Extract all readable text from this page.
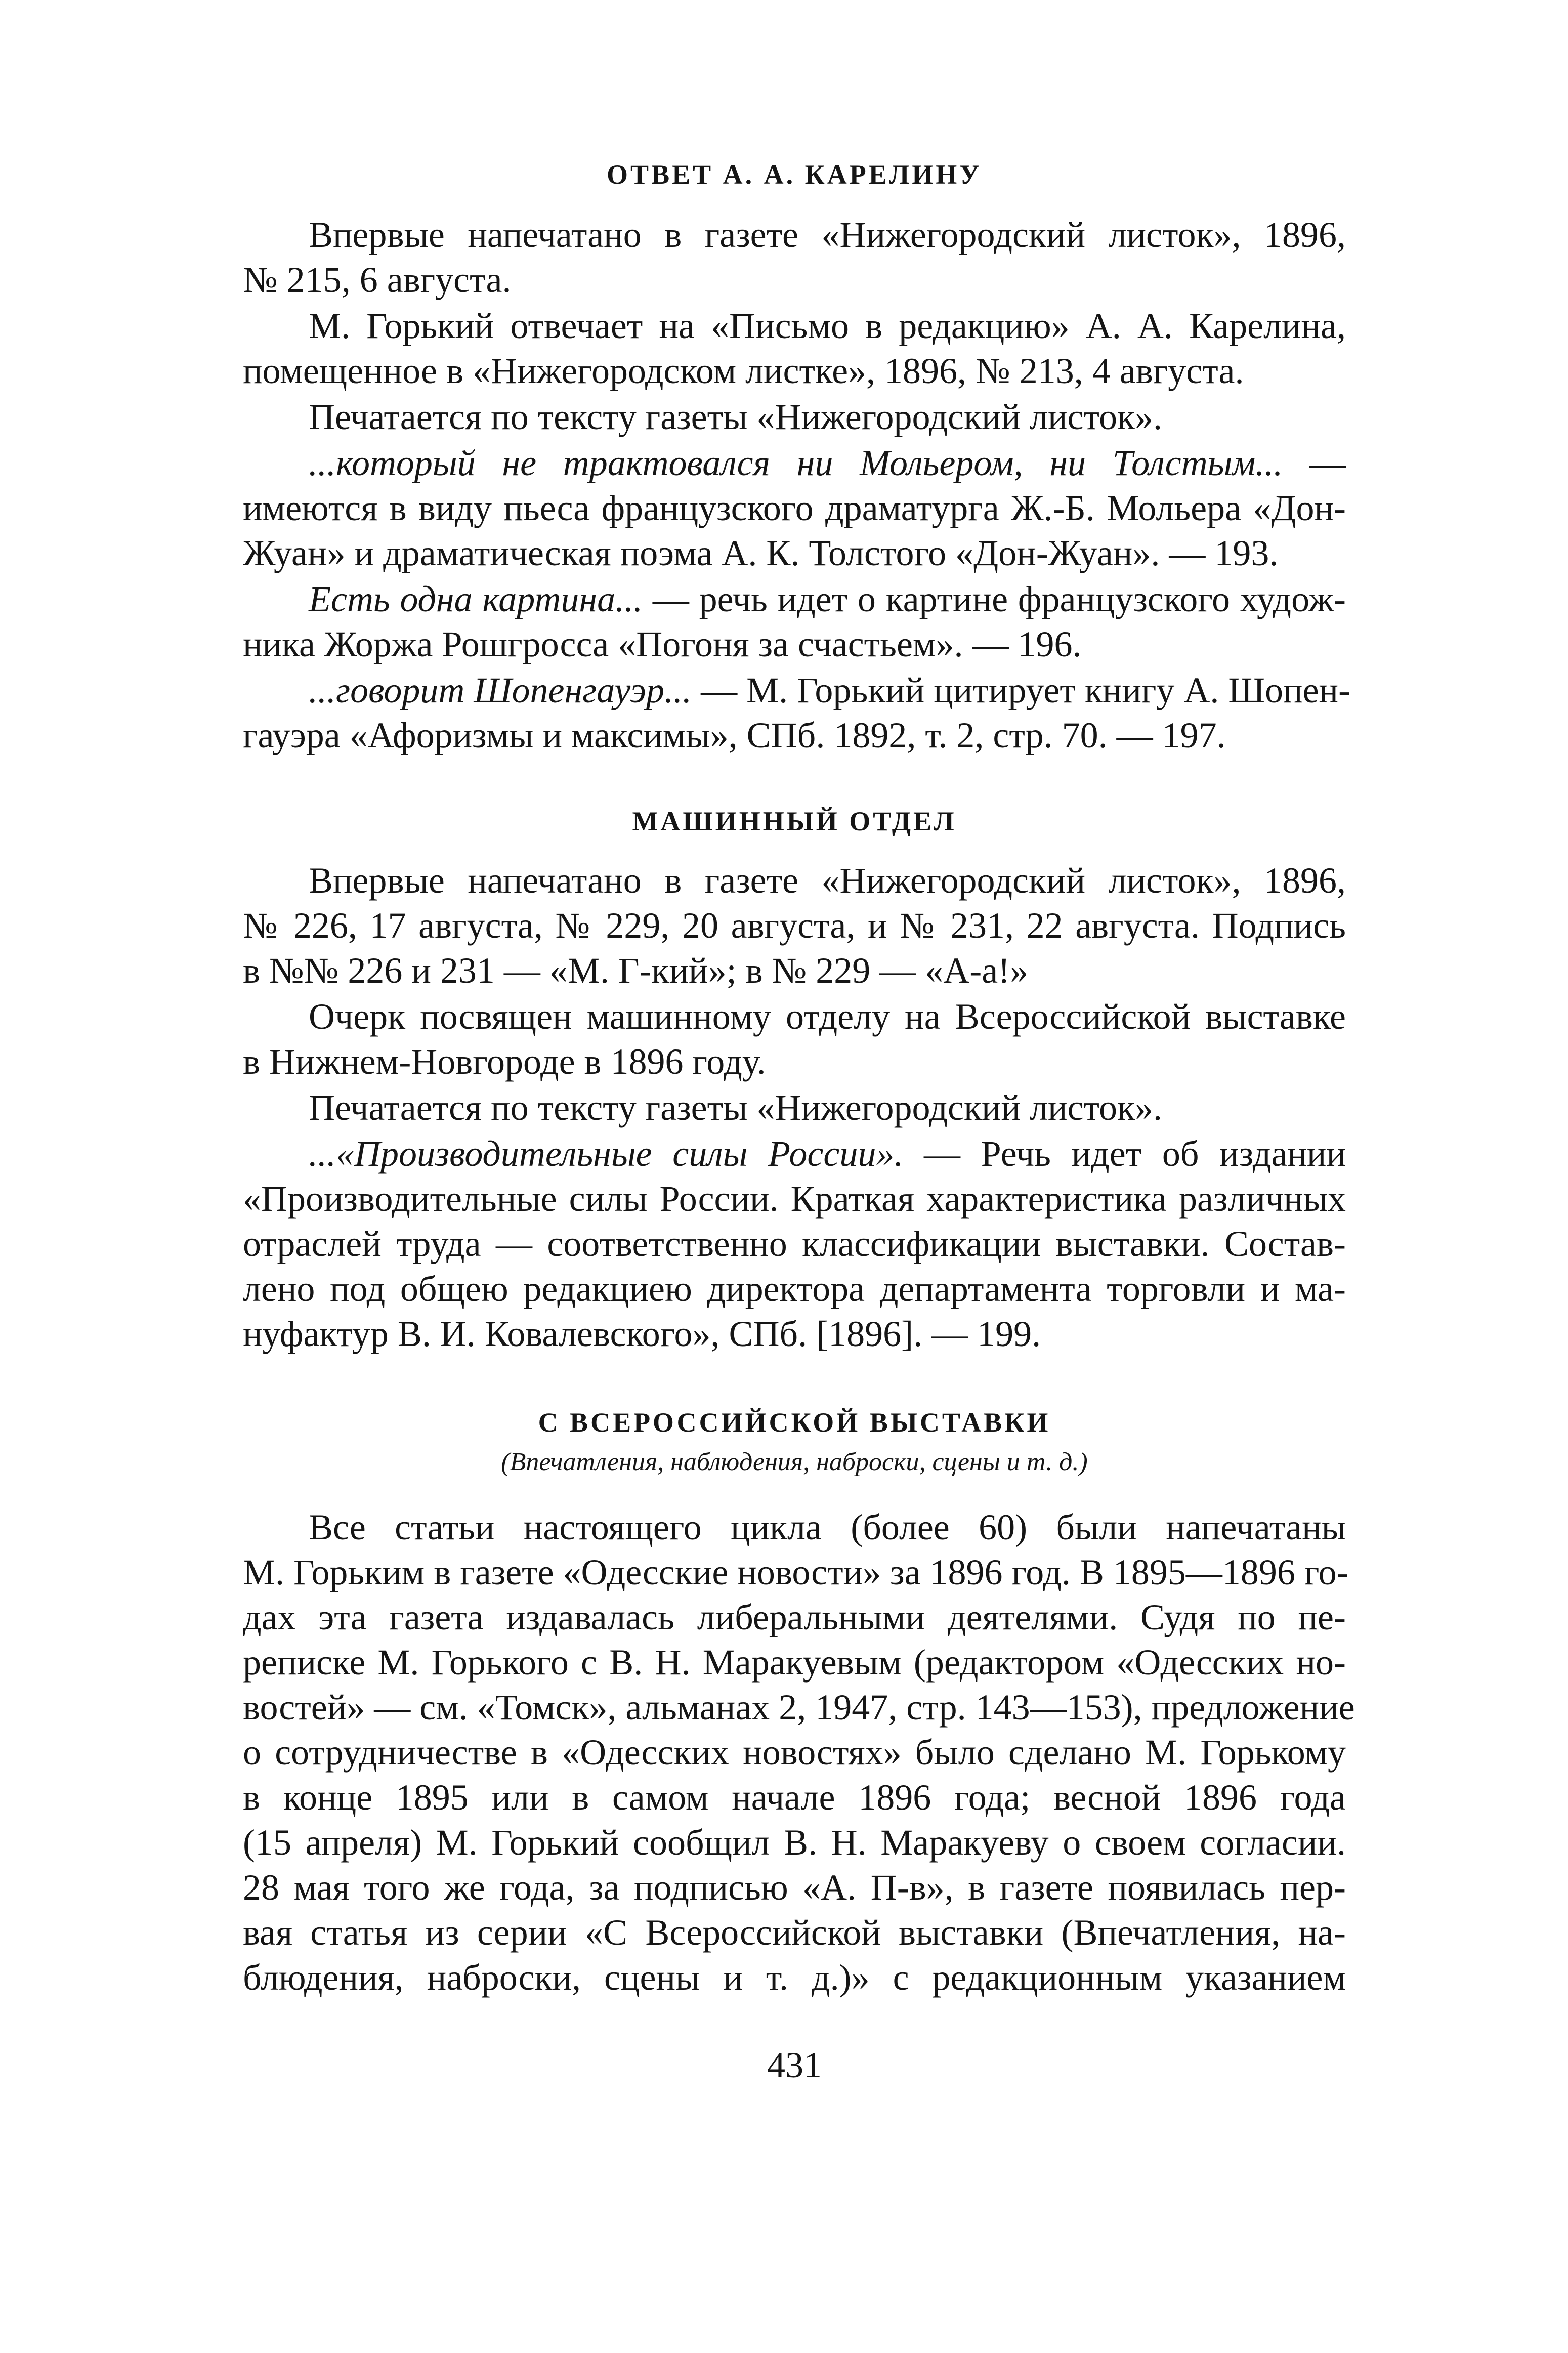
ОТВЕТ А. А. КАРЕЛИНУ

Впервые напечатано в газете «Нижегородский листок», 1896,
№ 215, 6 августа.

М. Горький отвечает на «Письмо в редакцию» А. А. Карелина,
помещенное в «Нижегородском листке», 1896, № 213, 4 августа.

Печатается по тексту газеты «Нижегородский листок».

...который не трактовался ни Мольером, ни Толстым... —
имеются в виду пьеса французского драматурга Ж.-Б. Мольера «Дон-
Жуан» и драматическая поэма А. К. Толстого «Дон-Жуан». — 193.

Есть одна картина... — речь идет о картине французского худож-
ника Жоржа Рошгросса «Погоня за счастьем». — 196.

...говорит Шопенгауэр... — М. Горький цитирует книгу А. Шопен-
гауэра «Афоризмы и максимы», СПб. 1892, т. 2, стр. 70. — 197.

МАШИННЫЙ ОТДЕЛ

Впервые напечатано в газете «Нижегородский листок», 1896,
№ 226, 17 августа, № 229, 20 августа, и № 231, 22 августа. Подпись
в №№ 226 и 231 — «М. Г-кий»; в № 229 — «А-а!»

Очерк посвящен машинному отделу на Всероссийской выставке
в Нижнем-Новгороде в 1896 году.

Печатается по тексту газеты «Нижегородский листок».

...«Производительные силы России». — Речь идет об издании
«Производительные силы России. Краткая характеристика различных
отраслей труда — соответственно классификации выставки. Состав-
лено под общею редакциею директора департамента торговли и ма-
нуфактур В. И. Ковалевского», СПб. [1896]. — 199.

С ВСЕРОССИЙСКОЙ ВЫСТАВКИ

(Впечатления, наблюдения, наброски, сцены и т. д.)

Все статьи настоящего цикла (более 60) были напечатаны
М. Горьким в газете «Одесские новости» за 1896 год. В 1895—1896 го-
дах эта газета издавалась либеральными деятелями. Судя по пе-
реписке М. Горького с В. Н. Маракуевым (редактором «Одесских но-
востей» — см. «Томск», альманах 2, 1947, стр. 143—153), предложение
о сотрудничестве в «Одесских новостях» было сделано М. Горькому
в конце 1895 или в самом начале 1896 года; весной 1896 года
(15 апреля) М. Горький сообщил В. Н. Маракуеву о своем согласии.
28 мая того же года, за подписью «А. П-в», в газете появилась пер-
вая статья из серии «С Всероссийской выставки (Впечатления, на-
блюдения, наброски, сцены и т. д.)» с редакционным указанием

431
